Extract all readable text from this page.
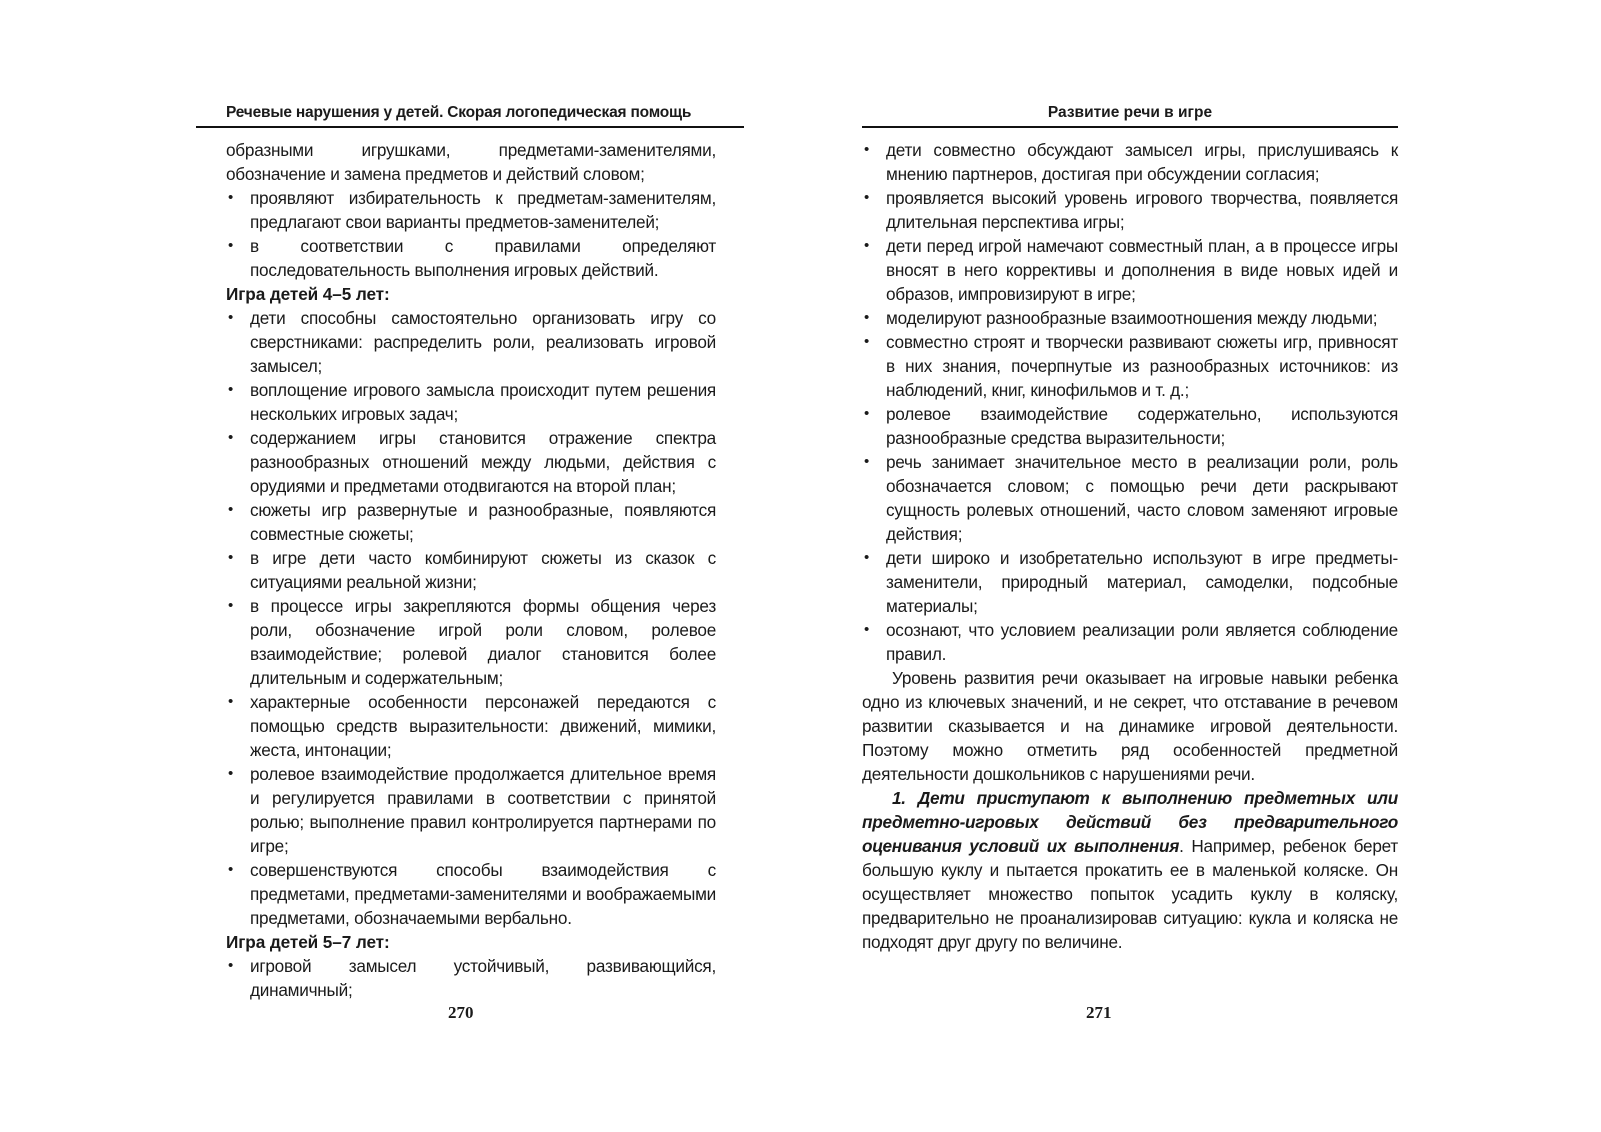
Речевые нарушения у детей. Скорая логопедическая помощь
образными игрушками, предметами-заменителями, обозначение и замена предметов и действий словом;
• проявляют избирательность к предметам-заменителям, предлагают свои варианты предметов-заменителей;
• в соответствии с правилами определяют последовательность выполнения игровых действий.

Игра детей 4–5 лет:

• дети способны самостоятельно организовать игру со сверстниками: распределить роли, реализовать игровой замысел;
• воплощение игрового замысла происходит путем решения нескольких игровых задач;
• содержанием игры становится отражение спектра разнообразных отношений между людьми, действия с орудиями и предметами отодвигаются на второй план;
• сюжеты игр развернутые и разнообразные, появляются совместные сюжеты;
• в игре дети часто комбинируют сюжеты из сказок с ситуациями реальной жизни;
• в процессе игры закрепляются формы общения через роли, обозначение игрой роли словом, ролевое взаимодействие; ролевой диалог становится более длительным и содержательным;
• характерные особенности персонажей передаются с помощью средств выразительности: движений, мимики, жеста, интонации;
• ролевое взаимодействие продолжается длительное время и регулируется правилами в соответствии с принятой ролью; выполнение правил контролируется партнерами по игре;
• совершенствуются способы взаимодействия с предметами, предметами-заменителями и воображаемыми предметами, обозначаемыми вербально.

Игра детей 5–7 лет:

• игровой замысел устойчивый, развивающийся, динамичный;
270
Развитие речи в игре
• дети совместно обсуждают замысел игры, прислушиваясь к мнению партнеров, достигая при обсуждении согласия;
• проявляется высокий уровень игрового творчества, появляется длительная перспектива игры;
• дети перед игрой намечают совместный план, а в процессе игры вносят в него коррективы и дополнения в виде новых идей и образов, импровизируют в игре;
• моделируют разнообразные взаимоотношения между людьми;
• совместно строят и творчески развивают сюжеты игр, привносят в них знания, почерпнутые из разнообразных источников: из наблюдений, книг, кинофильмов и т. д.;
• ролевое взаимодействие содержательно, используются разнообразные средства выразительности;
• речь занимает значительное место в реализации роли, роль обозначается словом; с помощью речи дети раскрывают сущность ролевых отношений, часто словом заменяют игровые действия;
• дети широко и изобретательно используют в игре предметы-заменители, природный материал, самоделки, подсобные материалы;
• осознают, что условием реализации роли является соблюдение правил.

Уровень развития речи оказывает на игровые навыки ребенка одно из ключевых значений, и не секрет, что отставание в речевом развитии сказывается и на динамике игровой деятельности. Поэтому можно отметить ряд особенностей предметной деятельности дошкольников с нарушениями речи.

1. Дети приступают к выполнению предметных или предметно-игровых действий без предварительного оценивания условий их выполнения. Например, ребенок берет большую куклу и пытается прокатить ее в маленькой коляске. Он осуществляет множество попыток усадить куклу в коляску, предварительно не проанализировав ситуацию: кукла и коляска не подходят друг другу по величине.

271
